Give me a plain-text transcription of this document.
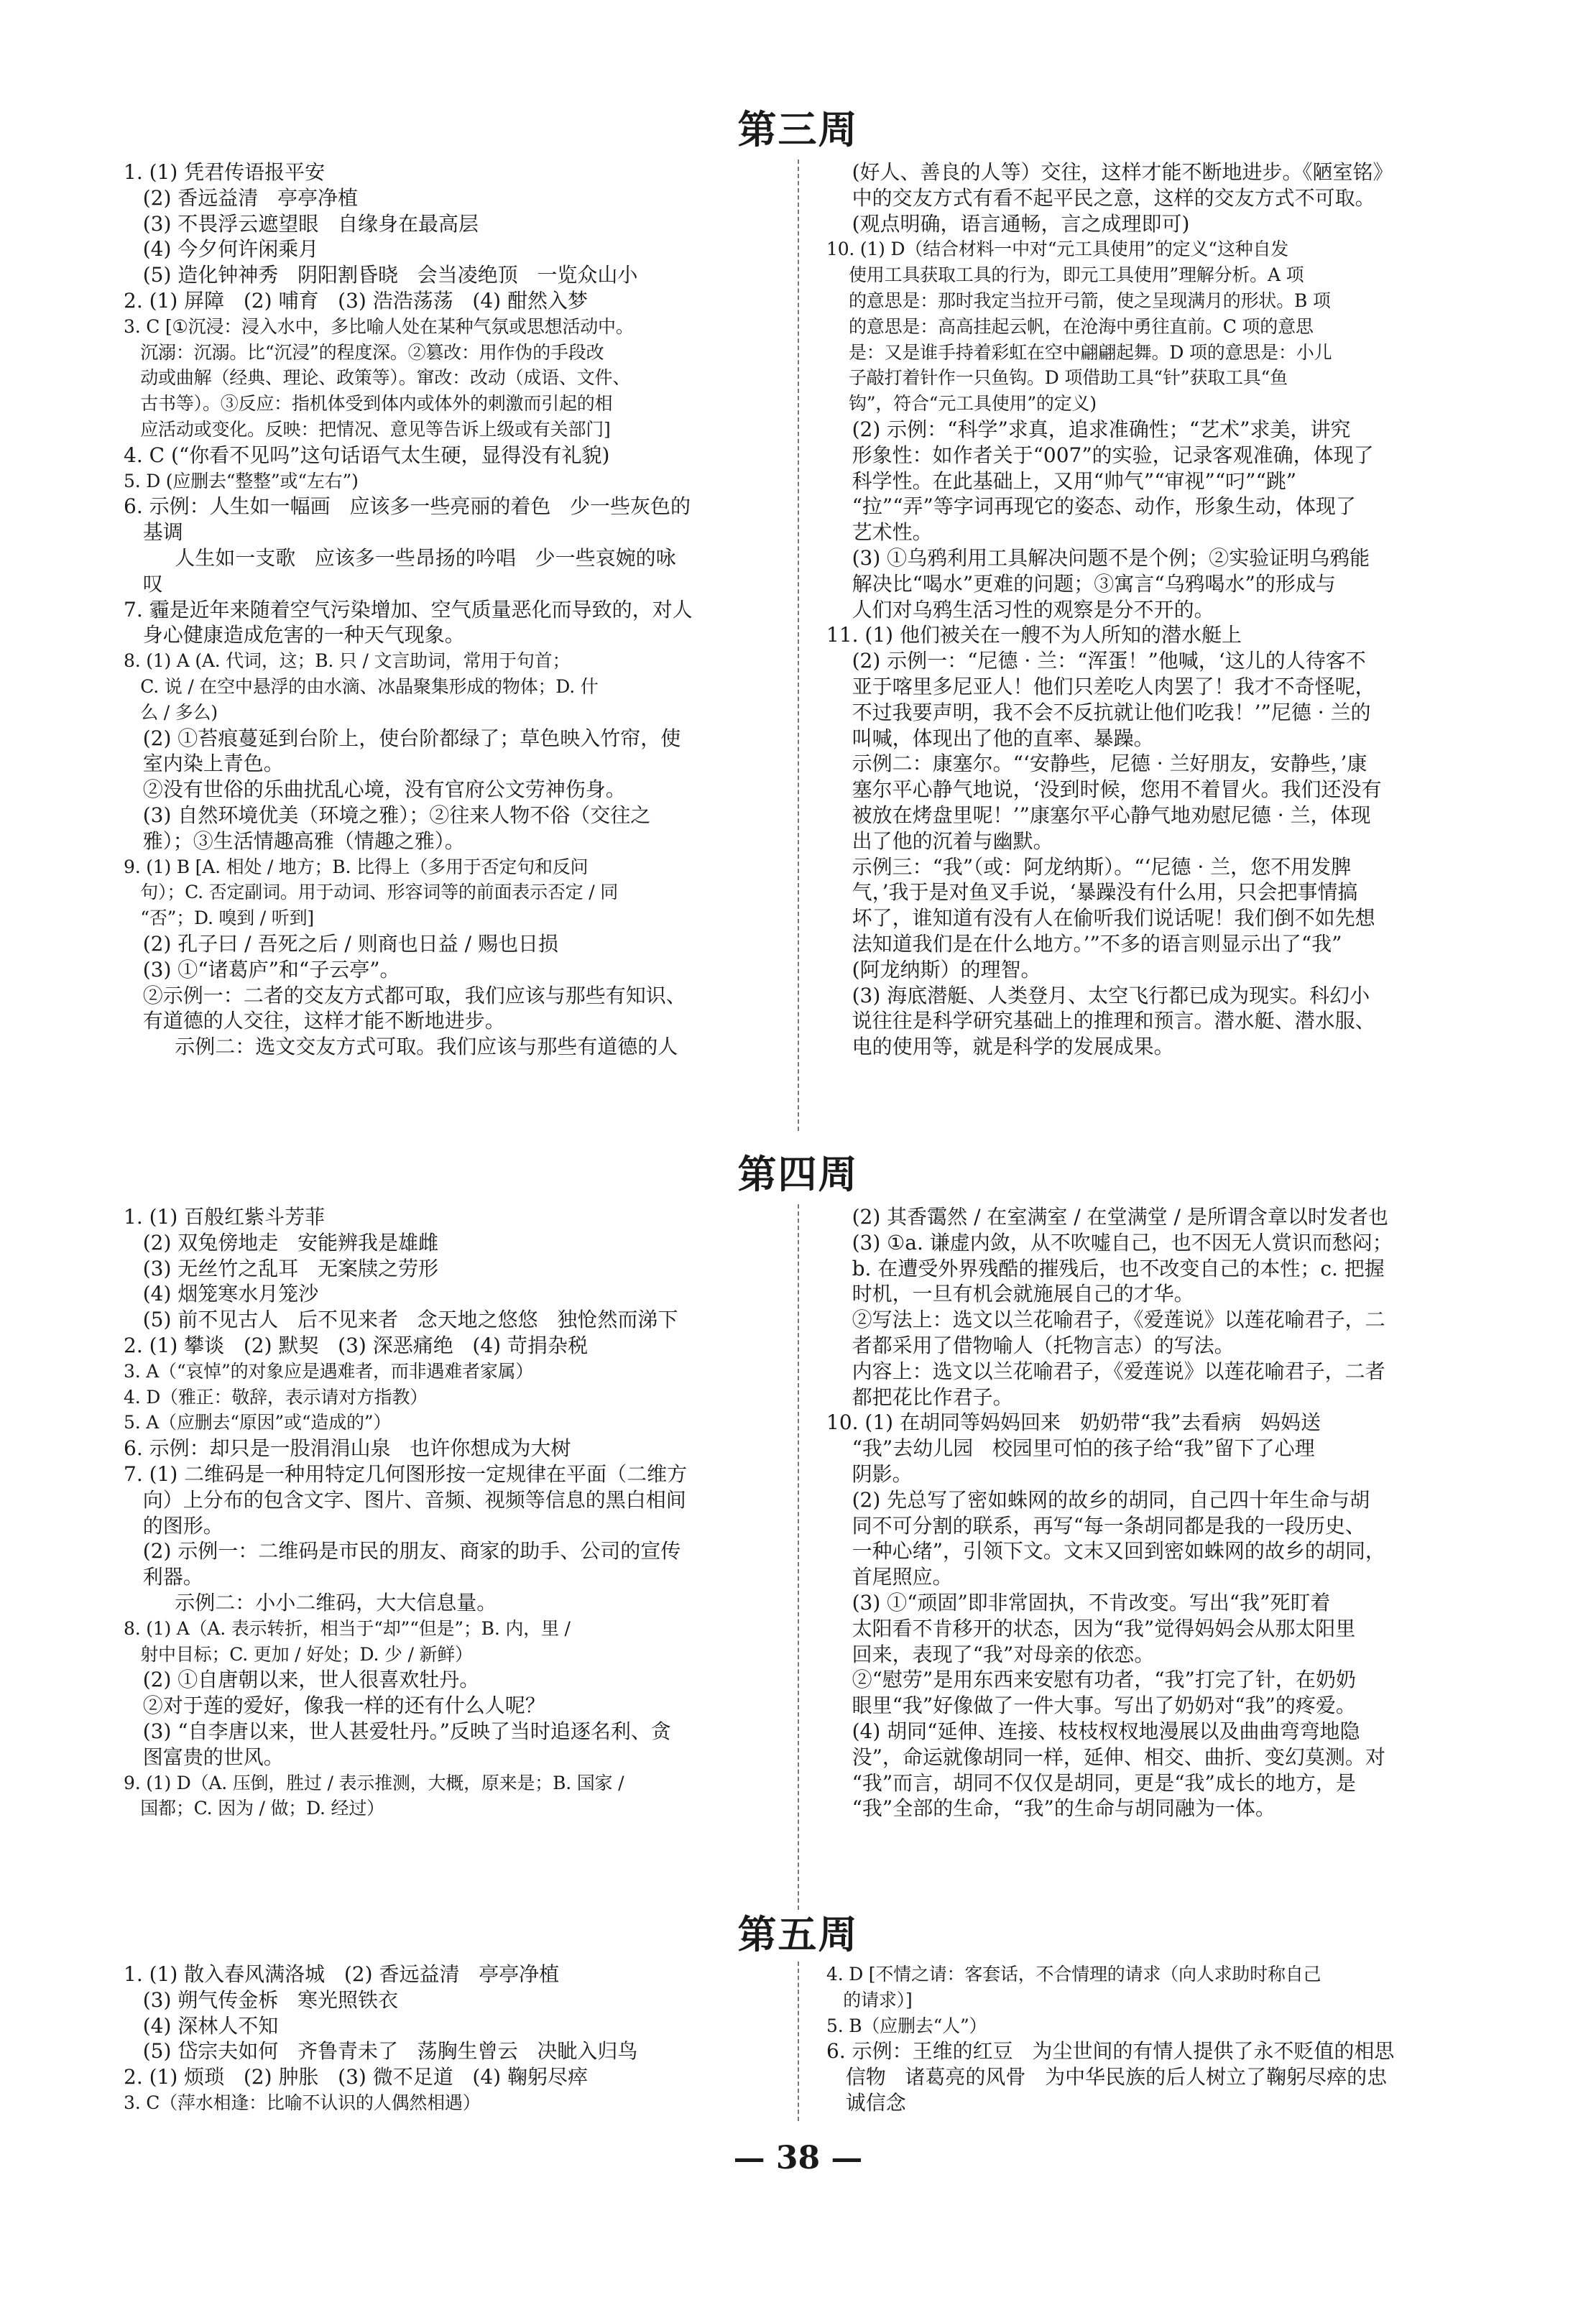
第三周

1. (1) 凭君传语报平安

(2) 香远益清   亭亭净植

(3) 不畏浮云遮望眼   自缘身在最高层

(4) 今夕何许闲乘月

(5) 造化钟神秀   阴阳割昏晓   会当凌绝顶   一览众山小

2. (1) 屏障   (2) 哺育   (3) 浩浩荡荡   (4) 酣然入梦

3. C [①沉浸：浸入水中，多比喻人处在某种气氛或思想活动中。

沉溺：沉溺。比“沉浸”的程度深。②篡改：用作伪的手段改

动或曲解（经典、理论、政策等）。窜改：改动（成语、文件、

古书等）。③反应：指机体受到体内或体外的刺激而引起的相

应活动或变化。反映：把情况、意见等告诉上级或有关部门]

4. C (“你看不见吗”这句话语气太生硬，显得没有礼貌)

5. D (应删去“整整”或“左右”)

6. 示例：人生如一幅画   应该多一些亮丽的着色   少一些灰色的

基调

人生如一支歌   应该多一些昂扬的吟唱   少一些哀婉的咏

叹

7. 霾是近年来随着空气污染增加、空气质量恶化而导致的，对人

身心健康造成危害的一种天气现象。

8. (1) A (A. 代词，这；B. 只 / 文言助词，常用于句首；

C. 说 / 在空中悬浮的由水滴、冰晶聚集形成的物体；D. 什

么 / 多么)

(2) ①苔痕蔓延到台阶上，使台阶都绿了；草色映入竹帘，使

室内染上青色。

②没有世俗的乐曲扰乱心境，没有官府公文劳神伤身。

(3) 自然环境优美（环境之雅）；②往来人物不俗（交往之

雅）；③生活情趣高雅（情趣之雅）。

9. (1) B [A. 相处 / 地方；B. 比得上（多用于否定句和反问

句）；C. 否定副词。用于动词、形容词等的前面表示否定 / 同

“否”；D. 嗅到 / 听到]

(2) 孔子曰 / 吾死之后 / 则商也日益 / 赐也日损

(3) ①“诸葛庐”和“子云亭”。

②示例一：二者的交友方式都可取，我们应该与那些有知识、

有道德的人交往，这样才能不断地进步。

示例二：选文交友方式可取。我们应该与那些有道德的人

(好人、善良的人等）交往，这样才能不断地进步。《陋室铭》

中的交友方式有看不起平民之意，这样的交友方式不可取。

(观点明确，语言通畅，言之成理即可)

10. (1) D（结合材料一中对“元工具使用”的定义“这种自发

使用工具获取工具的行为，即元工具使用”理解分析。A 项

的意思是：那时我定当拉开弓箭，使之呈现满月的形状。B 项

的意思是：高高挂起云帆，在沧海中勇往直前。C 项的意思

是：又是谁手持着彩虹在空中翩翩起舞。D 项的意思是：小儿

子敲打着针作一只鱼钩。D 项借助工具“针”获取工具“鱼

钩”，符合“元工具使用”的定义)

(2) 示例：“科学”求真，追求准确性；“艺术”求美，讲究

形象性：如作者关于“007”的实验，记录客观准确，体现了

科学性。在此基础上，又用“帅气”“审视”“叼”“跳”

“拉”“弄”等字词再现它的姿态、动作，形象生动，体现了

艺术性。

(3) ①乌鸦利用工具解决问题不是个例；②实验证明乌鸦能

解决比“喝水”更难的问题；③寓言“乌鸦喝水”的形成与

人们对乌鸦生活习性的观察是分不开的。

11. (1) 他们被关在一艘不为人所知的潜水艇上

(2) 示例一：“尼德 · 兰：“浑蛋！”他喊，‘这儿的人待客不

亚于喀里多尼亚人！他们只差吃人肉罢了！我才不奇怪呢，

不过我要声明，我不会不反抗就让他们吃我！’”尼德 · 兰的

叫喊，体现出了他的直率、暴躁。

示例二：康塞尔。“‘安静些，尼德 · 兰好朋友，安静些，’康

塞尔平心静气地说，‘没到时候，您用不着冒火。我们还没有

被放在烤盘里呢！’”康塞尔平心静气地劝慰尼德 · 兰，体现

出了他的沉着与幽默。

示例三：“我”（或：阿龙纳斯）。“‘尼德 · 兰，您不用发脾

气，’我于是对鱼叉手说，‘暴躁没有什么用，只会把事情搞

坏了，谁知道有没有人在偷听我们说话呢！我们倒不如先想

法知道我们是在什么地方。’”不多的语言则显示出了“我”

(阿龙纳斯）的理智。

(3) 海底潜艇、人类登月、太空飞行都已成为现实。科幻小

说往往是科学研究基础上的推理和预言。潜水艇、潜水服、

电的使用等，就是科学的发展成果。

第四周

1. (1) 百般红紫斗芳菲

(2) 双兔傍地走   安能辨我是雄雌

(3) 无丝竹之乱耳   无案牍之劳形

(4) 烟笼寒水月笼沙

(5) 前不见古人   后不见来者   念天地之悠悠   独怆然而涕下

2. (1) 攀谈   (2) 默契   (3) 深恶痛绝   (4) 苛捐杂税

3. A（“哀悼”的对象应是遇难者，而非遇难者家属）

4. D（雅正：敬辞，表示请对方指教）

5. A（应删去“原因”或“造成的”）

6. 示例：却只是一股涓涓山泉   也许你想成为大树

7. (1) 二维码是一种用特定几何图形按一定规律在平面（二维方

向）上分布的包含文字、图片、音频、视频等信息的黑白相间

的图形。

(2) 示例一：二维码是市民的朋友、商家的助手、公司的宣传

利器。

示例二：小小二维码，大大信息量。

8. (1) A（A. 表示转折，相当于“却”“但是”；B. 内，里 /

射中目标；C. 更加 / 好处；D. 少 / 新鲜）

(2) ①自唐朝以来，世人很喜欢牡丹。

②对于莲的爱好，像我一样的还有什么人呢？

(3) “自李唐以来，世人甚爱牡丹。”反映了当时追逐名利、贪

图富贵的世风。

9. (1) D（A. 压倒，胜过 / 表示推测，大概，原来是；B. 国家 /

国都；C. 因为 / 做；D. 经过）

(2) 其香霭然 / 在室满室 / 在堂满堂 / 是所谓含章以时发者也

(3) ①a. 谦虚内敛，从不吹嘘自己，也不因无人赏识而愁闷；

b. 在遭受外界残酷的摧残后，也不改变自己的本性；c. 把握

时机，一旦有机会就施展自己的才华。

②写法上：选文以兰花喻君子，《爱莲说》以莲花喻君子，二

者都采用了借物喻人（托物言志）的写法。

内容上：选文以兰花喻君子，《爱莲说》以莲花喻君子，二者

都把花比作君子。

10. (1) 在胡同等妈妈回来   奶奶带“我”去看病   妈妈送

“我”去幼儿园   校园里可怕的孩子给“我”留下了心理

阴影。

(2) 先总写了密如蛛网的故乡的胡同，自己四十年生命与胡

同不可分割的联系，再写“每一条胡同都是我的一段历史、

一种心绪”，引领下文。文末又回到密如蛛网的故乡的胡同，

首尾照应。

(3) ①“顽固”即非常固执，不肯改变。写出“我”死盯着

太阳看不肯移开的状态，因为“我”觉得妈妈会从那太阳里

回来，表现了“我”对母亲的依恋。

②“慰劳”是用东西来安慰有功者，“我”打完了针，在奶奶

眼里“我”好像做了一件大事。写出了奶奶对“我”的疼爱。

(4) 胡同“延伸、连接、枝枝杈杈地漫展以及曲曲弯弯地隐

没”，命运就像胡同一样，延伸、相交、曲折、变幻莫测。对

“我”而言，胡同不仅仅是胡同，更是“我”成长的地方，是

“我”全部的生命，“我”的生命与胡同融为一体。

第五周

1. (1) 散入春风满洛城   (2) 香远益清   亭亭净植

(3) 朔气传金柝   寒光照铁衣

(4) 深林人不知

(5) 岱宗夫如何   齐鲁青未了   荡胸生曾云   决眦入归鸟

2. (1) 烦琐   (2) 肿胀   (3) 微不足道   (4) 鞠躬尽瘁

3. C（萍水相逢：比喻不认识的人偶然相遇）

4. D [不情之请：客套话，不合情理的请求（向人求助时称自己

的请求）]

5. B（应删去“人”）

6. 示例：王维的红豆   为尘世间的有情人提供了永不贬值的相思

信物   诸葛亮的风骨   为中华民族的后人树立了鞠躬尽瘁的忠

诚信念

— 38 —
